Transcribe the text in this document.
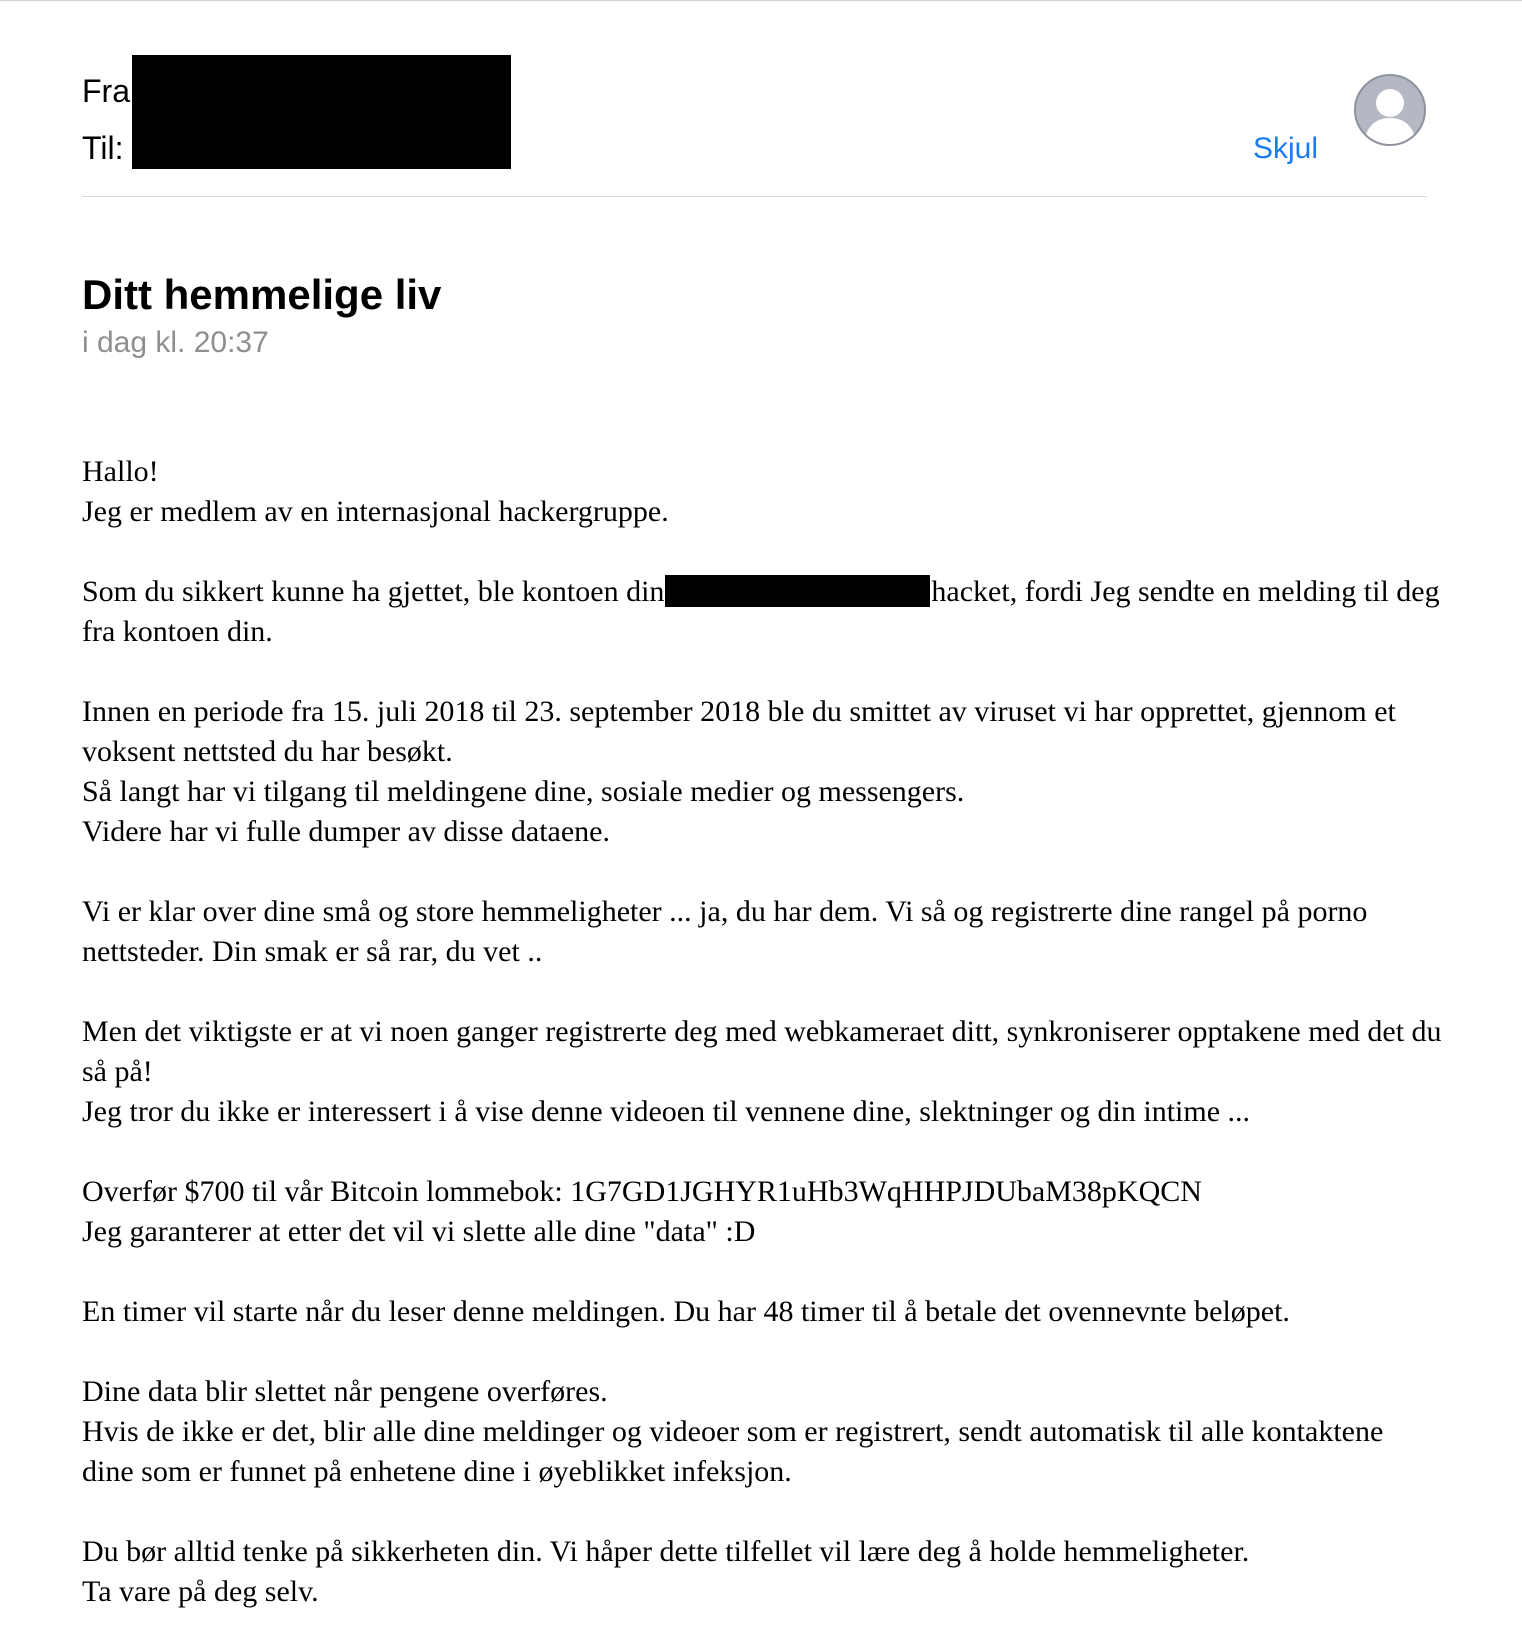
Fra
Til:	Skjul
Ditt hemmelige liv
i dag kl. 20:37

Hallo!
Jeg er medlem av en internasjonal hackergruppe.

Som du sikkert kunne ha gjettet, ble kontoen din	hacket, fordi Jeg sendte en melding til deg fra kontoen din.

Innen en periode fra 15. juli 2018 til 23. september 2018 ble du smittet av viruset vi har opprettet, gjennom et voksent nettsted du har besøkt.
Så langt har vi tilgang til meldingene dine, sosiale medier og messengers.
Videre har vi fulle dumper av disse dataene.

Vi er klar over dine små og store hemmeligheter ... ja, du har dem. Vi så og registrerte dine rangel på porno nettsteder. Din smak er så rar, du vet ..

Men det viktigste er at vi noen ganger registrerte deg med webkameraet ditt, synkroniserer opptakene med det du så på!
Jeg tror du ikke er interessert i å vise denne videoen til vennene dine, slektninger og din intime ...

Overfør $700 til vår Bitcoin lommebok: 1G7GD1JGHYR1uHb3WqHHPJDUbaM38pKQCN
Jeg garanterer at etter det vil vi slette alle dine "data" :D

En timer vil starte når du leser denne meldingen. Du har 48 timer til å betale det ovennevnte beløpet.

Dine data blir slettet når pengene overføres.
Hvis de ikke er det, blir alle dine meldinger og videoer som er registrert, sendt automatisk til alle kontaktene dine som er funnet på enhetene dine i øyeblikket infeksjon.

Du bør alltid tenke på sikkerheten din. Vi håper dette tilfellet vil lære deg å holde hemmeligheter.
Ta vare på deg selv.
